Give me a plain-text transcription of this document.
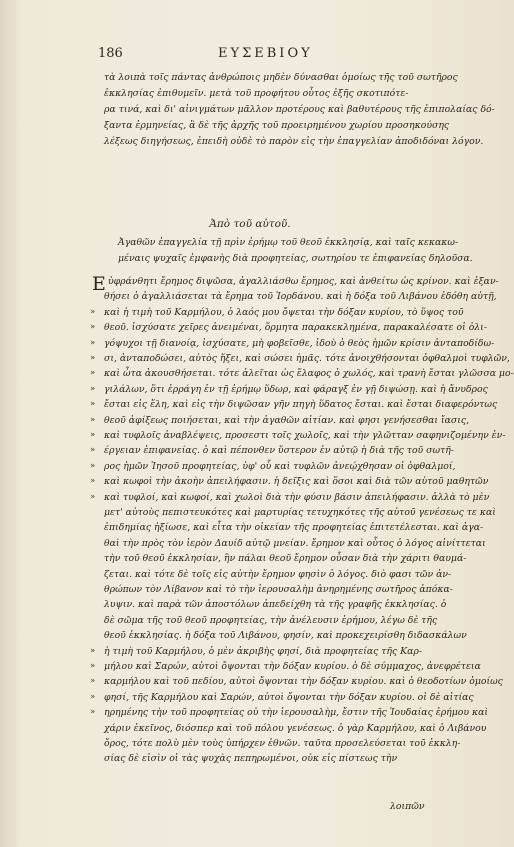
186	ΕΥΣΕΒΙΟΥ
τὰ λοιπὰ τοῖς πάντας ἀνθρώποις μηδὲν δύνασθαι ὁμοίως τῆς τοῦ σωτῆρος
ἐκκλησίας ἐπιθυμεῖν. μετὰ τοῦ προφήτου οὗτος ἐξῆς σκοτιπότε-
ρα τινά, καὶ δι' αἰνιγμάτων μᾶλλον προτέρους καὶ βαθυτέρους τῆς ἐπιπολαίας δό-
ξαντα ἑρμηνείας, ἃ δὲ τῆς ἀρχῆς τοῦ προειρημένου χωρίου προσηκούσης
λέξεως διηγήσεως, ἐπειδὴ οὐδὲ τὸ παρὸν εἰς τὴν ἐπαγγελίαν ἀποδιδόναι λόγον.
Ἀπὸ τοῦ αὐτοῦ.
Ἀγαθῶν ἐπαγγελία τῇ πρὶν ἐρήμῳ τοῦ θεοῦ ἐκκλησίᾳ, καὶ ταῖς κεκακω-
μέναις ψυχαῖς ἐμφανὴς διὰ προφητείας, σωτηρίου τε ἐπιφανείας δηλοῦσα.
Ε ὐφράνθητι ἔρημος διψῶσα, ἀγαλλιάσθω ἔρημος, καὶ ἀνθείτω ὡς κρίνον. καὶ ἐξαν-
θήσει ὁ ἀγαλλιάσεται τὰ ἔρημα τοῦ Ἰορδάνου. καὶ ἡ δόξα τοῦ Λιβάνου ἐδόθη αὐτῇ,
καὶ ἡ τιμὴ τοῦ Καρμήλου, ὁ λαός μου ὄψεται τὴν δόξαν κυρίου, τὸ ὕψος τοῦ
θεοῦ. ἰσχύσατε χεῖρες ἀνειμέναι, ὅρμητα παρακεκλημένα, παρακαλέσατε οἱ ὀλι-
γόψυχοι τῇ διανοίᾳ, ἰσχύσατε, μὴ φοβεῖσθε, ἰδοὺ ὁ θεὸς ἡμῶν κρίσιν ἀνταποδίδω-
σι, ἀνταποδώσει, αὐτὸς ἥξει, καὶ σώσει ἡμᾶς. τότε ἀνοιχθήσονται ὀφθαλμοὶ τυφλῶν,
καὶ ὦτα ἀκουσθήσεται. τότε ἁλεῖται ὡς ἔλαφος ὁ χωλός, καὶ τρανὴ ἔσται γλῶσσα μο-
γιλάλων, ὅτι ἐρράγη ἐν τῇ ἐρήμῳ ὕδωρ, καὶ φάραγξ ἐν γῇ διψώσῃ. καὶ ἡ ἄνυδρος
ἔσται εἰς ἕλη, καὶ εἰς τὴν διψῶσαν γῆν πηγὴ ὕδατος ἔσται. καὶ ἔσται διαφερόντως
θεοῦ ἀφίξεως ποιήσεται, καὶ τὴν ἀγαθῶν αἰτίαν. καὶ φησι γενήσεσθαι ἴασις,
καὶ τυφλοῖς ἀναβλέψεις, προσεστι τοῖς χωλοῖς, καὶ τὴν γλῶτταν σαφηνιζομένην ἐν-
έργειαν ἐπιφανείας. ὁ καὶ πέπονθεν ὕστερον ἐν αὐτῷ ἡ διὰ τῆς τοῦ σωτῆ-
ρος ἡμῶν Ἰησοῦ προφητείας, ὑφ' οὗ καὶ τυφλῶν ἀνεῴχθησαν οἱ ὀφθαλμοί,
καὶ κωφοὶ τὴν ἀκοὴν ἀπειλήφασιν. ἡ δεῖξις καὶ ὅσοι καὶ διὰ τῶν αὐτοῦ μαθητῶν
καὶ τυφλοί, καὶ κωφοί, καὶ χωλοὶ διὰ τὴν φύσιν βάσιν ἀπειλήφασιν. ἀλλὰ τὸ μὲν
μετ' αὐτοὺς πεπιστευκότες καὶ μαρτυρίας τετυχηκότες τῆς αὐτοῦ γενέσεως τε καὶ
ἐπιδημίας ἠξίωσε, καὶ εἶτα τὴν οἰκείαν τῆς προφητείας ἐπιτετέλεσται. καὶ ἀγα-
θαὶ τὴν πρὸς τὸν ἱερὸν Δαυίδ αὐτῷ μνείαν. ἔρημον καὶ οὗτος ὁ λόγος αἰνίττεται
τὴν τοῦ θεοῦ ἐκκλησίαν, ἣν πάλαι θεοῦ ἔρημον οὖσαν διὰ τὴν χάριτι θαυμά-
ζεται. καὶ τότε δὲ τοῖς εἰς αὐτὴν ἔρημον φησὶν ὁ λόγος. διὸ φασι τῶν ἀν-
θρώπων τὸν Λίβανον καὶ τὸ τὴν ἱερουσαλὴμ ἀνηρημένης σωτῆρος ἀπόκα-
λυψιν. καὶ παρὰ τῶν ἀποστόλων ἀπεδείχθη τὰ τῆς γραφῆς ἐκκλησίας. ὁ
δὲ σῶμα τῆς τοῦ θεοῦ προφητείας, τὴν ἀνέλευσιν ἐρήμου, λέγω δὲ τῆς
θεοῦ ἐκκλησίας. ἡ δόξα τοῦ Λιβάνου, φησίν, καὶ προκεχειρίσθη διδασκάλων
ἡ τιμὴ τοῦ Καρμήλου, ὁ μὲν ἀκριβὴς φησί, διὰ προφητείας τῆς Καρ-
μήλου καὶ Σαρών, αὐτοὶ ὄψονται τὴν δόξαν κυρίου. ὁ δὲ σύμμαχος, ἀνεφρέτεια
καρμήλου καὶ τοῦ πεδίου, αὐτοὶ ὄψονται τὴν δόξαν κυρίου. καὶ ὁ θεοδοτίων ὁμοίως
φησί, τῆς Καρμήλου καὶ Σαρών, αὐτοὶ ὄψονται τὴν δόξαν κυρίου. οἱ δὲ αἰτίας
ηρημένης τὴν τοῦ προφητείας οὐ τὴν ἱερουσαλὴμ, ἔστιν τῆς Ἰουδαίας ἐρήμου καὶ
χάριν ἐκεῖνος, διόσπερ καὶ τοῦ πόλου γενέσεως. ὁ γὰρ Καρμήλου, καὶ ὁ Λιβάνου
ὄρος, τότε πολὺ μὲν τοὺς ὑπήρχεν ἐθνῶν. ταῦτα προσελεύσεται τοῦ ἐκκλη-
σίας δὲ εἰσὶν οἱ τὰς ψυχὰς πεπηρωμένοι, οὐκ εἰς πίστεως τὴν
»
»
»
»
»
»
»
»
»
»
»
»
»
»
»
»
»
»
λοιπῶν
